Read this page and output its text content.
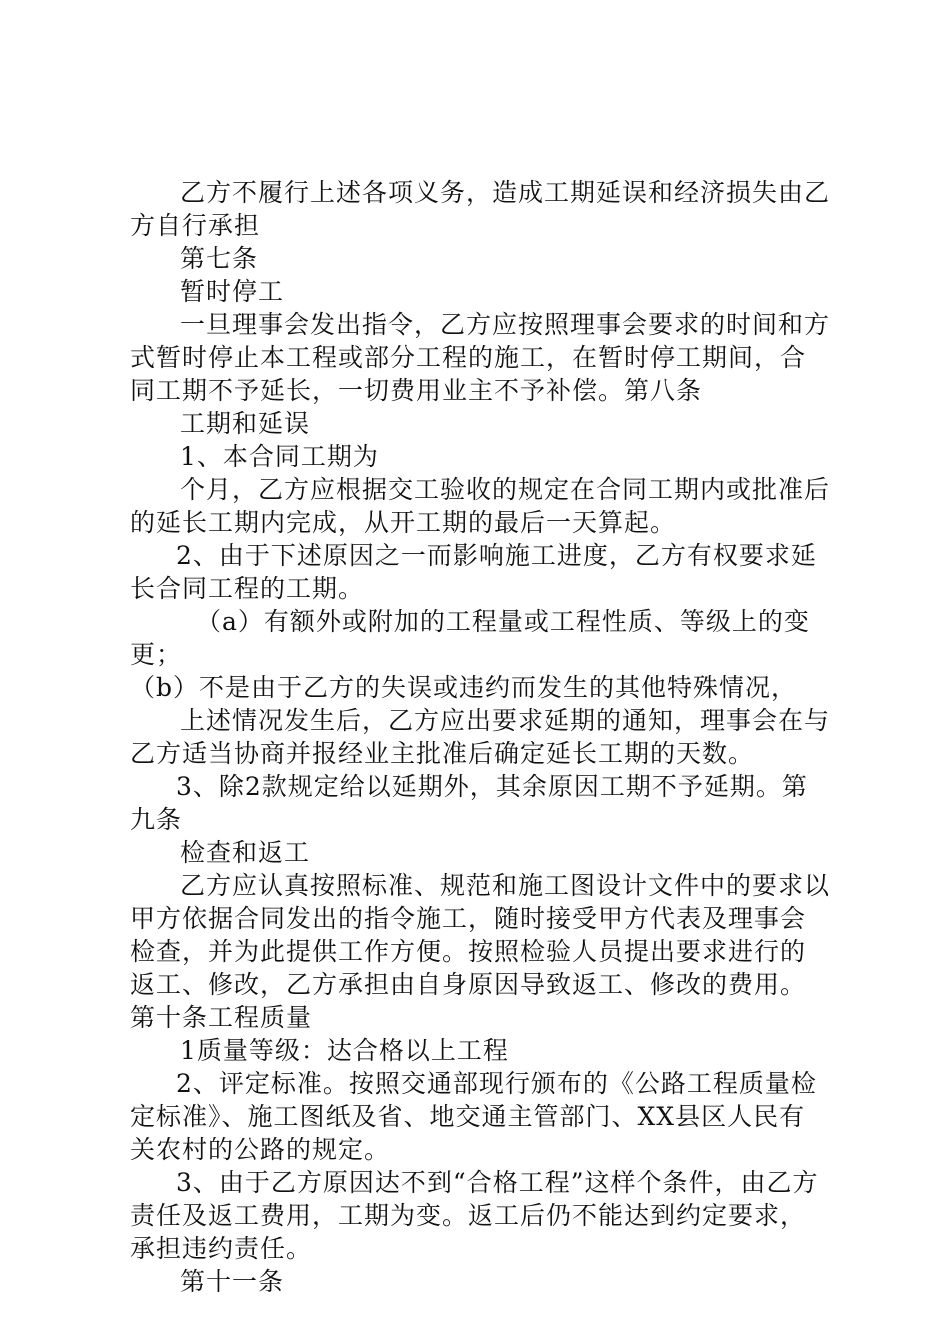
乙方不履行上述各项义务，造成工期延误和经济损失由乙方自行承担

第七条

暂时停工

一旦理事会发出指令，乙方应按照理事会要求的时间和方式暂时停止本工程或部分工程的施工，在暂时停工期间，合同工期不予延长，一切费用业主不予补偿。第八条

工期和延误

1、本合同工期为

个月，乙方应根据交工验收的规定在合同工期内或批准后的延长工期内完成，从开工期的最后一天算起。

2、由于下述原因之一而影响施工进度，乙方有权要求延长合同工程的工期。

（a）有额外或附加的工程量或工程性质、等级上的变更；

（b）不是由于乙方的失误或违约而发生的其他特殊情况，

上述情况发生后，乙方应出要求延期的通知，理事会在与乙方适当协商并报经业主批准后确定延长工期的天数。

3、除2款规定给以延期外，其余原因工期不予延期。第九条

检查和返工

乙方应认真按照标准、规范和施工图设计文件中的要求以甲方依据合同发出的指令施工，随时接受甲方代表及理事会检查，并为此提供工作方便。按照检验人员提出要求进行的返工、修改，乙方承担由自身原因导致返工、修改的费用。第十条工程质量

1质量等级：达合格以上工程

2、评定标准。按照交通部现行颁布的《公路工程质量检定标准》、施工图纸及省、地交通主管部门、XX县区人民有关农村的公路的规定。

3、由于乙方原因达不到“合格工程”这样个条件，由乙方责任及返工费用，工期为变。返工后仍不能达到约定要求，承担违约责任。

第十一条
